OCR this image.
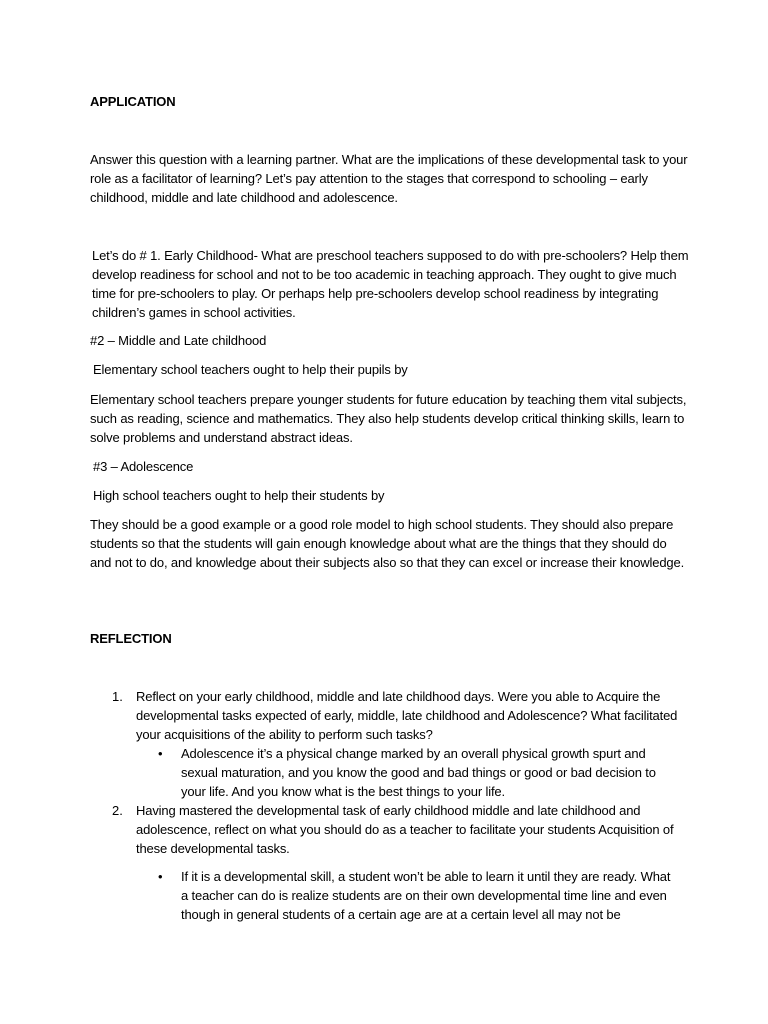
APPLICATION
Answer this question with a learning partner. What are the implications of these developmental task to your role as a facilitator of learning? Let’s pay attention to the stages that correspond to schooling – early childhood, middle and late childhood and adolescence.
Let’s do # 1. Early Childhood- What are preschool teachers supposed to do with pre-schoolers? Help them develop readiness for school and not to be too academic in teaching approach. They ought to give much time for pre-schoolers to play. Or perhaps help pre-schoolers develop school readiness by integrating children’s games in school activities.
#2 – Middle and Late childhood
Elementary school teachers ought to help their pupils by
Elementary school teachers prepare younger students for future education by teaching them vital subjects, such as reading, science and mathematics. They also help students develop critical thinking skills, learn to solve problems and understand abstract ideas.
#3 – Adolescence
High school teachers ought to help their students by
They should be a good example or a good role model to high school students. They should also prepare students so that the students will gain enough knowledge about what are the things that they should do and not to do, and knowledge about their subjects also so that they can excel or increase their knowledge.
REFLECTION
1.	Reflect on your early childhood, middle and late childhood days. Were you able to Acquire the developmental tasks expected of early, middle, late childhood and Adolescence? What facilitated your acquisitions of the ability to perform such tasks?
• Adolescence it’s a physical change marked by an overall physical growth spurt and sexual maturation, and you know the good and bad things or good or bad decision to your life. And you know what is the best things to your life.
2.	Having mastered the developmental task of early childhood middle and late childhood and adolescence, reflect on what you should do as a teacher to facilitate your students Acquisition of these developmental tasks.
• If it is a developmental skill, a student won’t be able to learn it until they are ready. What a teacher can do is realize students are on their own developmental time line and even though in general students of a certain age are at a certain level all may not be
